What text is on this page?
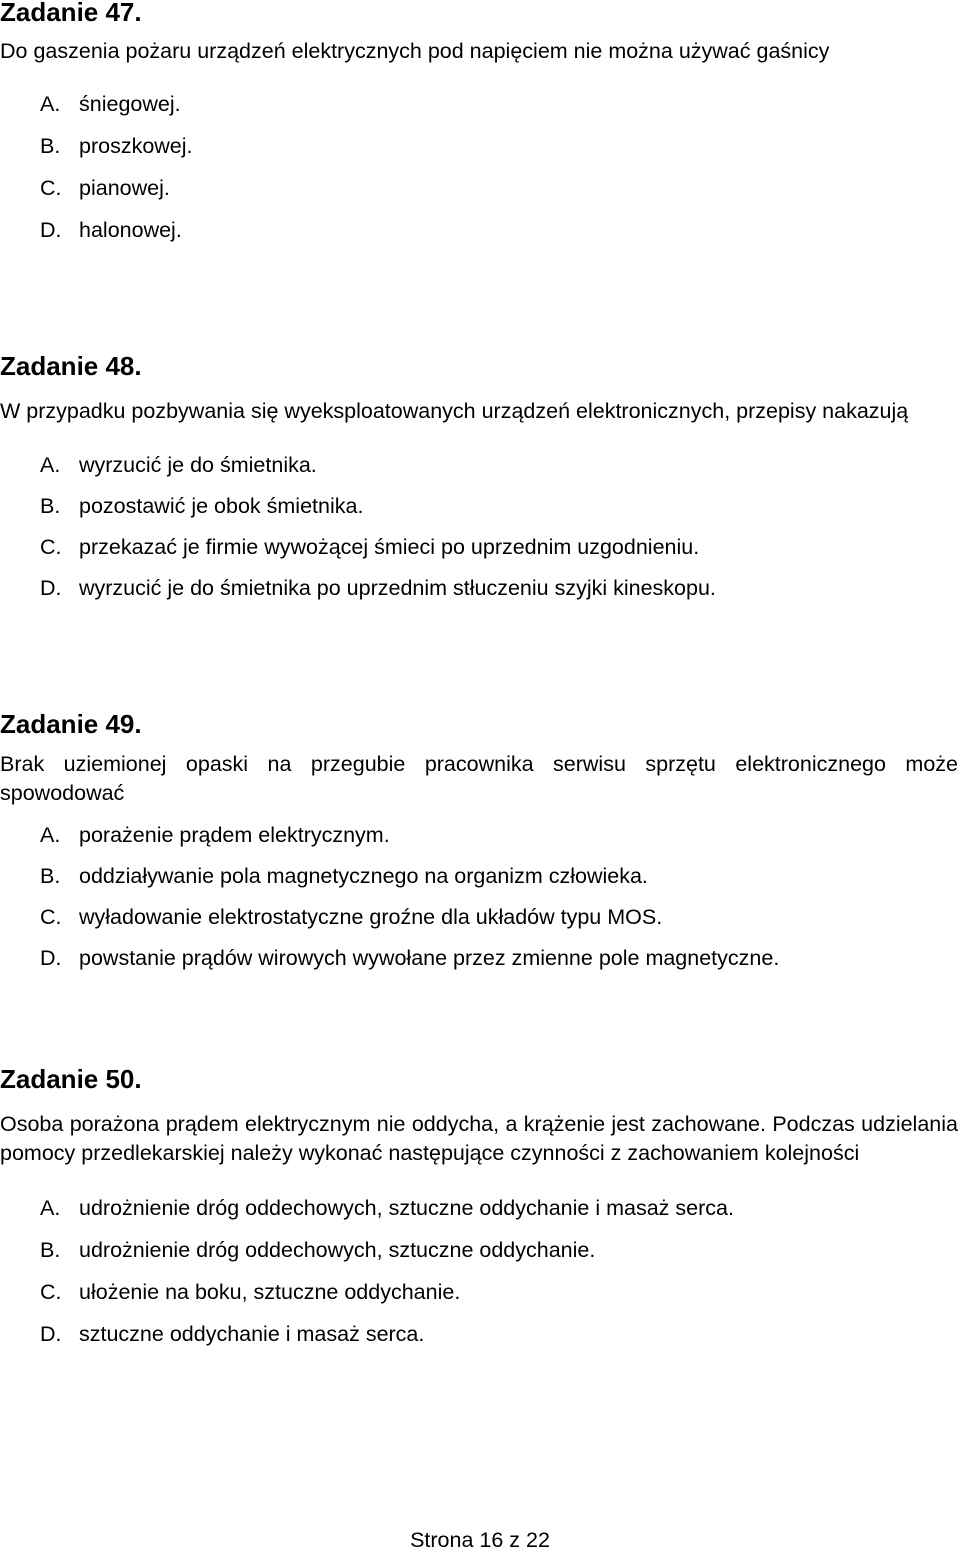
Zadanie 47.

Do gaszenia pożaru urządzeń elektrycznych pod napięciem nie można używać gaśnicy

A. śniegowej.
B. proszkowej.
C. pianowej.
D. halonowej.
Zadanie 48.

W przypadku pozbywania się wyeksploatowanych urządzeń elektronicznych, przepisy nakazują

A. wyrzucić je do śmietnika.
B. pozostawić je obok śmietnika.
C. przekazać je firmie wywożącej śmieci po uprzednim uzgodnieniu.
D. wyrzucić je do śmietnika po uprzednim stłuczeniu szyjki kineskopu.
Zadanie 49.

Brak uziemionej opaski na przegubie pracownika serwisu sprzętu elektronicznego może spowodować

A. porażenie prądem elektrycznym.
B. oddziaływanie pola magnetycznego na organizm człowieka.
C. wyładowanie elektrostatyczne groźne dla układów typu MOS.
D. powstanie prądów wirowych wywołane przez zmienne pole magnetyczne.
Zadanie 50.

Osoba porażona prądem elektrycznym nie oddycha, a krążenie jest zachowane. Podczas udzielania pomocy przedlekarskiej należy wykonać następujące czynności z zachowaniem kolejności

A. udrożnienie dróg oddechowych, sztuczne oddychanie i masaż serca.
B. udrożnienie dróg oddechowych, sztuczne oddychanie.
C. ułożenie na boku, sztuczne oddychanie.
D. sztuczne oddychanie i masaż serca.
Strona 16 z 22
